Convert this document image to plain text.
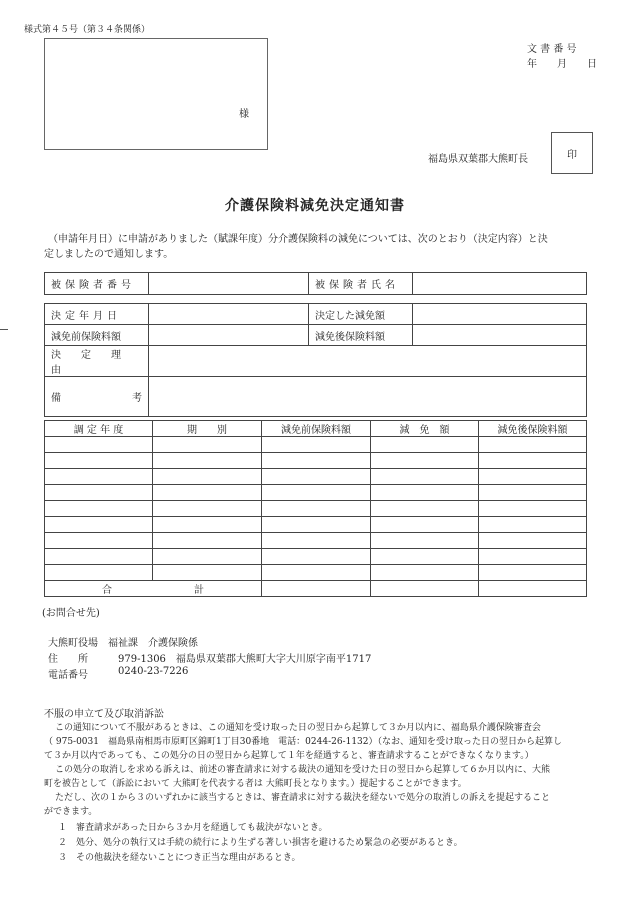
様式第４５号（第３４条関係）
文 書 番 号
年　　月　　日
様
福島県双葉郡大熊町長	印
介護保険料減免決定通知書
（申請年月日）に申請がありました（賦課年度）分介護保険料の減免については、次のとおり（決定内容）と決
定しましたので通知します。
被保険者番号		被保険者氏名	

決定年月日		決定した減免額	
減免前保険料額		減免後保険料額	
決　　定　　理　　由			

備 考			

調 定 年 度	期　　別	減免前保険料額	減　免　額	減免後保険料額

合 計				

(お問合せ先)
大熊町役場　福祉課　介護保険係
住　　所	979-1306　福島県双葉郡大熊町大字大川原字南平1717
電話番号	0240-23-7226
不服の申立て及び取消訴訟
この通知について不服があるときは、この通知を受け取った日の翌日から起算して３か月以内に、福島県介護保険審査会
（ 975-0031　福島県南相馬市原町区錦町1丁目30番地　電話：0244-26-1132）（なお、通知を受け取った日の翌日から起算し
て３か月以内であっても、この処分の日の翌日から起算して１年を経過すると、審査請求することができなくなります。）
この処分の取消しを求める訴えは、前述の審査請求に対する裁決の通知を受けた日の翌日から起算して６か月以内に、大熊
町を被告として（訴訟において 大熊町を代表する者は 大熊町長となります。）提起することができます。
ただし、次の１から３のいずれかに該当するときは、審査請求に対する裁決を経ないで処分の取消しの訴えを提起すること
ができます。
１　審査請求があった日から３か月を経過しても裁決がないとき。
２　処分、処分の執行又は手続の続行により生ずる著しい損害を避けるため緊急の必要があるとき。
３　その他裁決を経ないことにつき正当な理由があるとき。
